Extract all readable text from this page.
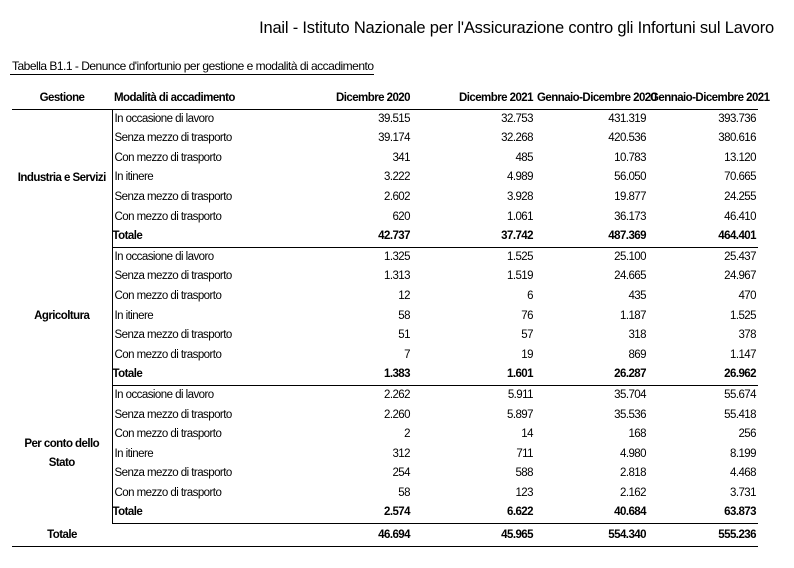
Inail - Istituto Nazionale per l'Assicurazione contro gli Infortuni sul Lavoro
Tabella B1.1 - Denunce d'infortunio per gestione e modalità di accadimento
Gestione	Modalità di accadimento	Dicembre 2020	Dicembre 2021	Gennaio-Dicembre 2020	Gennaio-Dicembre 2021
Industria e Servizi	In occasione di lavoro	39.515	32.753	431.319	393.736
	Senza mezzo di trasporto	39.174	32.268	420.536	380.616
	Con mezzo di trasporto	341	485	10.783	13.120
	In itinere	3.222	4.989	56.050	70.665
	Senza mezzo di trasporto	2.602	3.928	19.877	24.255
	Con mezzo di trasporto	620	1.061	36.173	46.410
	Totale	42.737	37.742	487.369	464.401
Agricoltura	In occasione di lavoro	1.325	1.525	25.100	25.437
	Senza mezzo di trasporto	1.313	1.519	24.665	24.967
	Con mezzo di trasporto	12	6	435	470
	In itinere	58	76	1.187	1.525
	Senza mezzo di trasporto	51	57	318	378
	Con mezzo di trasporto	7	19	869	1.147
	Totale	1.383	1.601	26.287	26.962
Per conto dello Stato	In occasione di lavoro	2.262	5.911	35.704	55.674
	Senza mezzo di trasporto	2.260	5.897	35.536	55.418
	Con mezzo di trasporto	2	14	168	256
	In itinere	312	711	4.980	8.199
	Senza mezzo di trasporto	254	588	2.818	4.468
	Con mezzo di trasporto	58	123	2.162	3.731
	Totale	2.574	6.622	40.684	63.873
Totale		46.694	45.965	554.340	555.236
